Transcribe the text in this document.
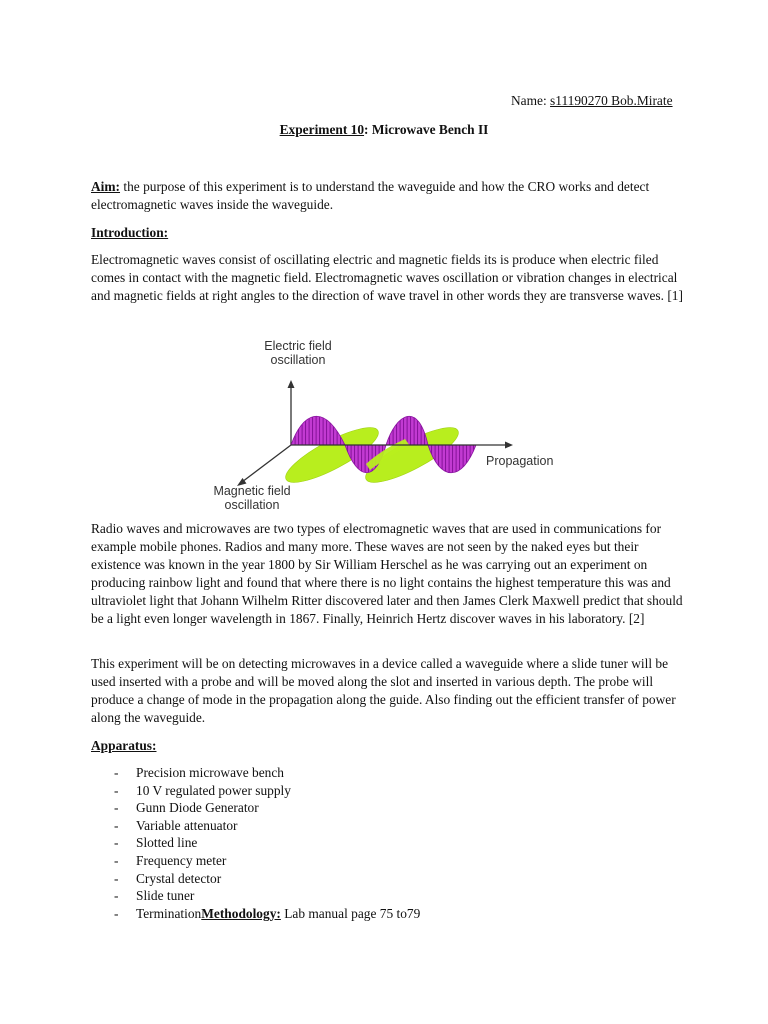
Name: s11190270 Bob.Mirate
Experiment 10: Microwave Bench II
Aim: the purpose of this experiment is to understand the waveguide and how the CRO works and detect electromagnetic waves inside the waveguide.
Introduction:

Electromagnetic waves consist of oscillating electric and magnetic fields its is produce when electric filed comes in contact with the magnetic field. Electromagnetic waves oscillation or vibration changes in electrical and magnetic fields at right angles to the direction of wave travel in other words they are transverse waves. [1]

Electric field
oscillation
Magnetic field
oscillation
Propagation

Radio waves and microwaves are two types of electromagnetic waves that are used in communications for example mobile phones. Radios and many more. These waves are not seen by the naked eyes but their existence was known in the year 1800 by Sir William Herschel as he was carrying out an experiment on producing rainbow light and found that where there is no light contains the highest temperature this was and ultraviolet light that Johann Wilhelm Ritter discovered later and then James Clerk Maxwell predict that should be a light even longer wavelength in 1867. Finally, Heinrich Hertz discover waves in his laboratory. [2]

This experiment will be on detecting microwaves in a device called a waveguide where a slide tuner will be used inserted with a probe and will be moved along the slot and inserted in various depth. The probe will produce a change of mode in the propagation along the guide. Also finding out the efficient transfer of power along the waveguide.

Apparatus:
- Precision microwave bench
- 10 V regulated power supply
- Gunn Diode Generator
- Variable attenuator
- Slotted line
- Frequency meter
- Crystal detector
- Slide tuner
- TerminationMethodology: Lab manual page 75 to79
